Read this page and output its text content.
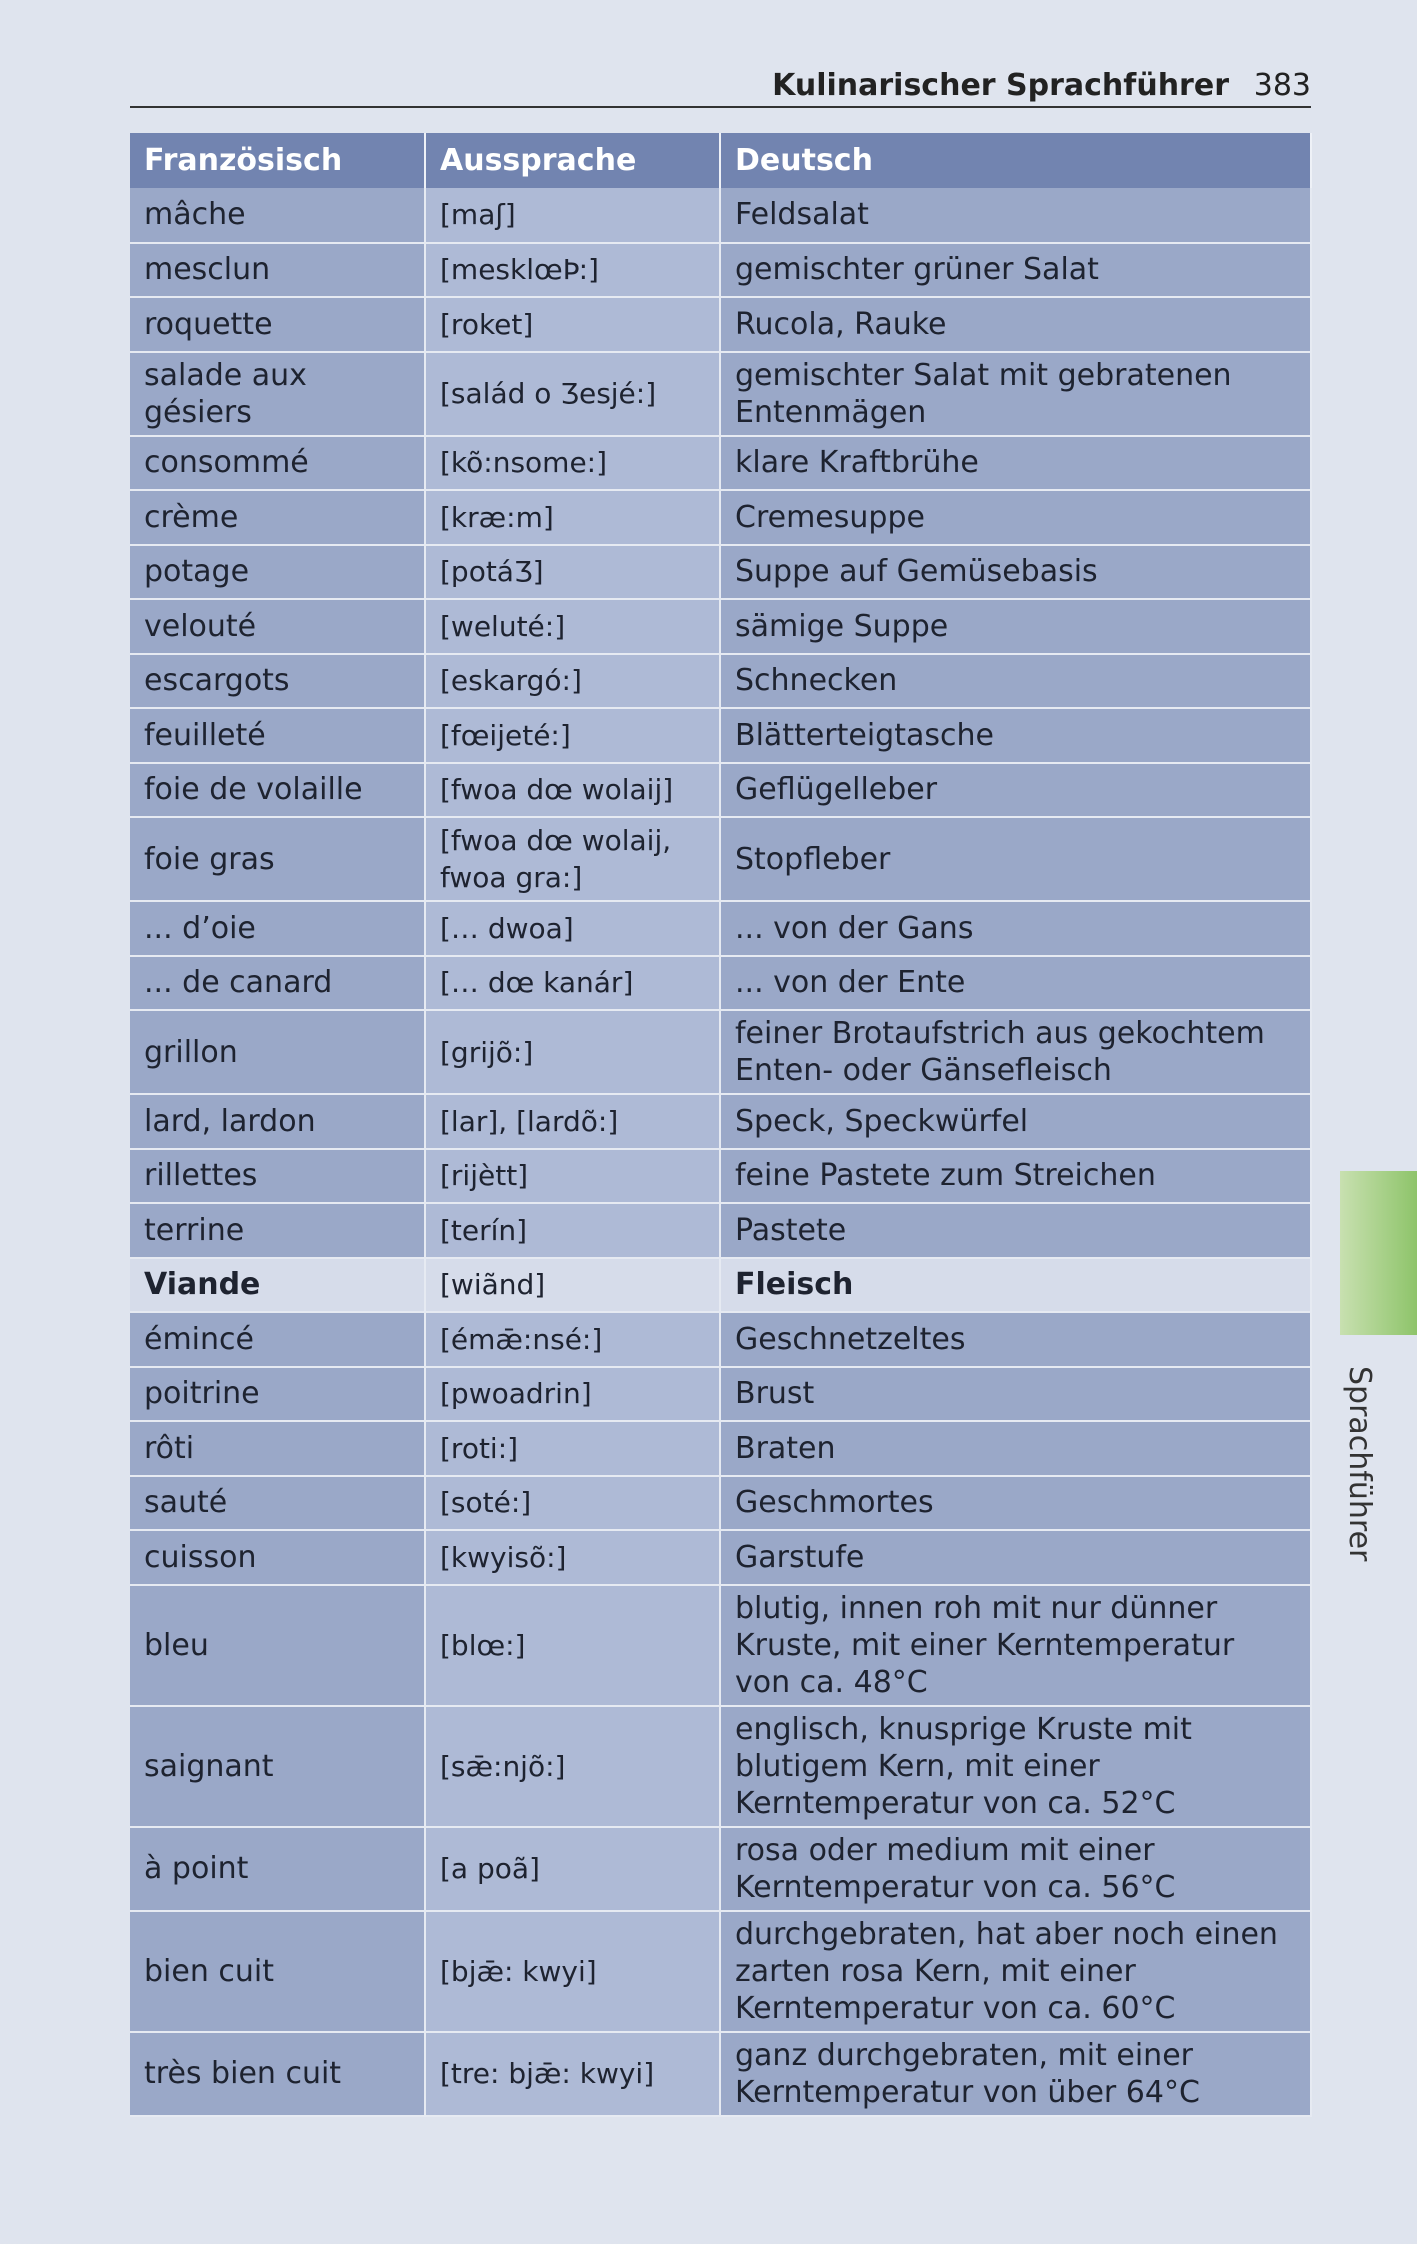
Kulinarischer Sprachführer 383
Französisch	Aussprache	Deutsch
mâche	[maʃ]	Feldsalat
mesclun	[mesklœÞ:]	gemischter grüner Salat
roquette	[roket]	Rucola, Rauke
salade aux gésiers	[salád o Ʒesjé:]	gemischter Salat mit gebratenen Entenmägen
consommé	[kõ:nsome:]	klare Kraftbrühe
crème	[kræ:m]	Cremesuppe
potage	[potáƷ]	Suppe auf Gemüsebasis
velouté	[weluté:]	sämige Suppe
escargots	[eskargó:]	Schnecken
feuilleté	[fœijeté:]	Blätterteigtasche
foie de volaille	[fwoa dœ wolaij]	Geflügelleber
foie gras	[fwoa dœ wolaij, fwoa gra:]	Stopfleber
... d’oie	[… dwoa]	... von der Gans
... de canard	[… dœ kanár]	... von der Ente
grillon	[grijõ:]	feiner Brotaufstrich aus gekochtem Enten- oder Gänsefleisch
lard, lardon	[lar], [lardõ:]	Speck, Speckwürfel
rillettes	[rijètt]	feine Pastete zum Streichen
terrine	[terín]	Pastete
Viande	[wiãnd]	Fleisch
émincé	[émǣ:nsé:]	Geschnetzeltes
poitrine	[pwoadrin]	Brust
rôti	[roti:]	Braten
sauté	[soté:]	Geschmortes
cuisson	[kwyisõ:]	Garstufe
bleu	[blœ:]	blutig, innen roh mit nur dünner Kruste, mit einer Kerntemperatur von ca. 48°C
saignant	[sǣ:njõ:]	englisch, knusprige Kruste mit blutigem Kern, mit einer Kerntemperatur von ca. 52°C
à point	[a poã]	rosa oder medium mit einer Kerntemperatur von ca. 56°C
bien cuit	[bjǣ: kwyi]	durchgebraten, hat aber noch einen zarten rosa Kern, mit einer Kerntemperatur von ca. 60°C
très bien cuit	[tre: bjǣ: kwyi]	ganz durchgebraten, mit einer Kerntemperatur von über 64°C
Sprachführer
